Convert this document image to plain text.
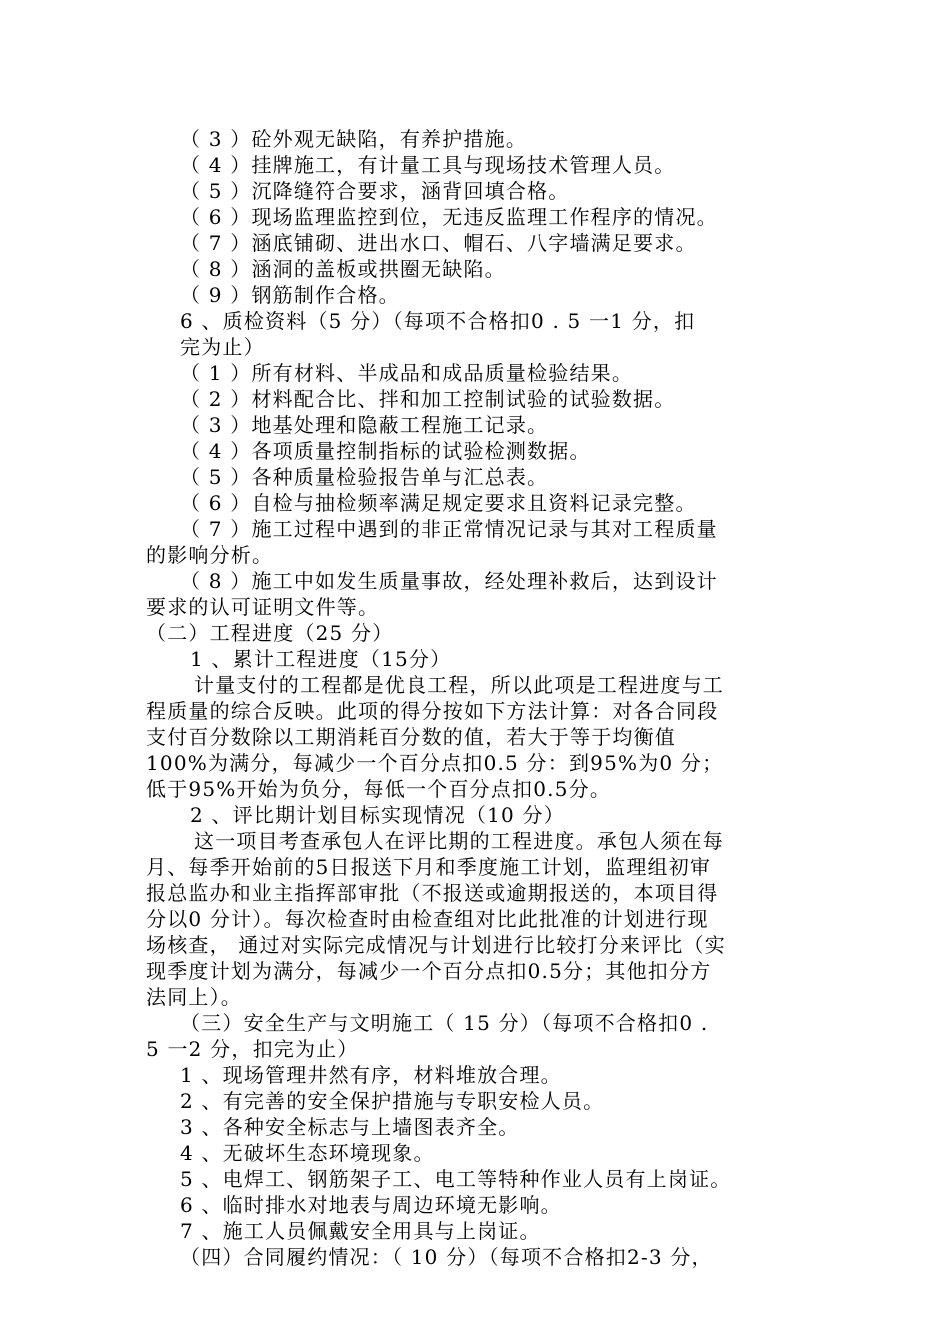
（ 3 ）砼外观无缺陷，有养护措施。
（ 4 ）挂牌施工，有计量工具与现场技术管理人员。
（ 5 ）沉降缝符合要求，涵背回填合格。
（ 6 ）现场监理监控到位，无违反监理工作程序的情况。
（ 7 ）涵底铺砌、进出水口、帽石、八字墙满足要求。
（ 8 ）涵洞的盖板或拱圈无缺陷。
（ 9 ）钢筋制作合格。
6 、质检资料（5 分）（每项不合格扣0 . 5 一1 分，扣
完为止）
（ 1 ）所有材料、半成品和成品质量检验结果。
（ 2 ）材料配合比、拌和加工控制试验的试验数据。
（ 3 ）地基处理和隐蔽工程施工记录。
（ 4 ）各项质量控制指标的试验检测数据。
（ 5 ）各种质量检验报告单与汇总表。
（ 6 ）自检与抽检频率满足规定要求且资料记录完整。
（ 7 ）施工过程中遇到的非正常情况记录与其对工程质量
的影响分析。
（ 8 ）施工中如发生质量事故，经处理补救后，达到设计
要求的认可证明文件等。
（二）工程进度（25 分）
1 、累计工程进度（15分）
计量支付的工程都是优良工程，所以此项是工程进度与工
程质量的综合反映。此项的得分按如下方法计算：对各合同段
支付百分数除以工期消耗百分数的值，若大于等于均衡值
100%为满分，每减少一个百分点扣0.5 分：到95%为0 分；
低于95%开始为负分，每低一个百分点扣0.5分。
2 、评比期计划目标实现情况（10 分）
这一项目考查承包人在评比期的工程进度。承包人须在每
月、每季开始前的5日报送下月和季度施工计划，监理组初审
报总监办和业主指挥部审批（不报送或逾期报送的，本项目得
分以0 分计）。每次检查时由检查组对比此批准的计划进行现
场核查， 通过对实际完成情况与计划进行比较打分来评比（实
现季度计划为满分，每减少一个百分点扣0.5分；其他扣分方
法同上）。
（三）安全生产与文明施工（ 15 分）（每项不合格扣0 .
5 一2 分，扣完为止）
1 、现场管理井然有序，材料堆放合理。
2 、有完善的安全保护措施与专职安检人员。
3 、各种安全标志与上墙图表齐全。
4 、无破坏生态环境现象。
5 、电焊工、钢筋架子工、电工等特种作业人员有上岗证。
6 、临时排水对地表与周边环境无影响。
7 、施工人员佩戴安全用具与上岗证。
（四）合同履约情况：（ 10 分）（每项不合格扣2-3 分，
